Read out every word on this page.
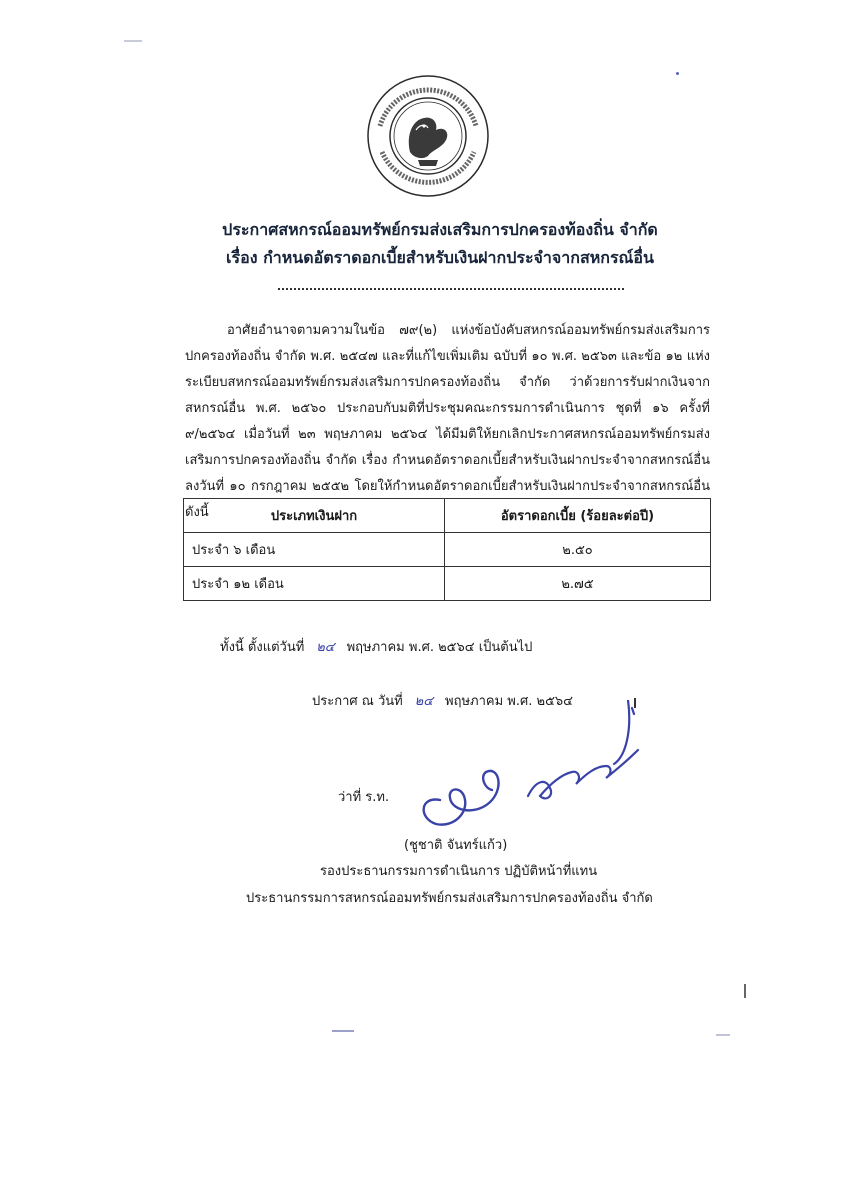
ประกาศสหกรณ์ออมทรัพย์กรมส่งเสริมการปกครองท้องถิ่น จำกัด
เรื่อง กำหนดอัตราดอกเบี้ยสำหรับเงินฝากประจำจากสหกรณ์อื่น
อาศัยอำนาจตามความในข้อ ๗๙(๒) แห่งข้อบังคับสหกรณ์ออมทรัพย์กรมส่งเสริมการปกครองท้องถิ่น จำกัด พ.ศ. ๒๕๔๗ และที่แก้ไขเพิ่มเติม ฉบับที่ ๑๐ พ.ศ. ๒๕๖๓ และข้อ ๑๒ แห่งระเบียบสหกรณ์ออมทรัพย์กรมส่งเสริมการปกครองท้องถิ่น จำกัด ว่าด้วยการรับฝากเงินจากสหกรณ์อื่น พ.ศ. ๒๕๖๐ ประกอบกับมติที่ประชุมคณะกรรมการดำเนินการ ชุดที่ ๑๖ ครั้งที่ ๙/๒๕๖๔ เมื่อวันที่ ๒๓ พฤษภาคม ๒๕๖๔ ได้มีมติให้ยกเลิกประกาศสหกรณ์ออมทรัพย์กรมส่งเสริมการปกครองท้องถิ่น จำกัด เรื่อง กำหนดอัตราดอกเบี้ยสำหรับเงินฝากประจำจากสหกรณ์อื่น ลงวันที่ ๑๐ กรกฎาคม ๒๕๕๒ โดยให้กำหนดอัตราดอกเบี้ยสำหรับเงินฝากประจำจากสหกรณ์อื่น ดังนี้	ประเภทเงินฝาก	อัตราดอกเบี้ย (ร้อยละต่อปี)
ประจำ ๖ เดือน	๒.๕๐
ประจำ ๑๒ เดือน	๒.๗๕
ทั้งนี้ ตั้งแต่วันที่ ๒๔ พฤษภาคม พ.ศ. ๒๕๖๔ เป็นต้นไป
ประกาศ ณ วันที่ ๒๔ พฤษภาคม พ.ศ. ๒๕๖๔
ว่าที่ ร.ท.
(ชูชาติ จันทร์แก้ว)
รองประธานกรรมการดำเนินการ ปฏิบัติหน้าที่แทน
ประธานกรรมการสหกรณ์ออมทรัพย์กรมส่งเสริมการปกครองท้องถิ่น จำกัด
